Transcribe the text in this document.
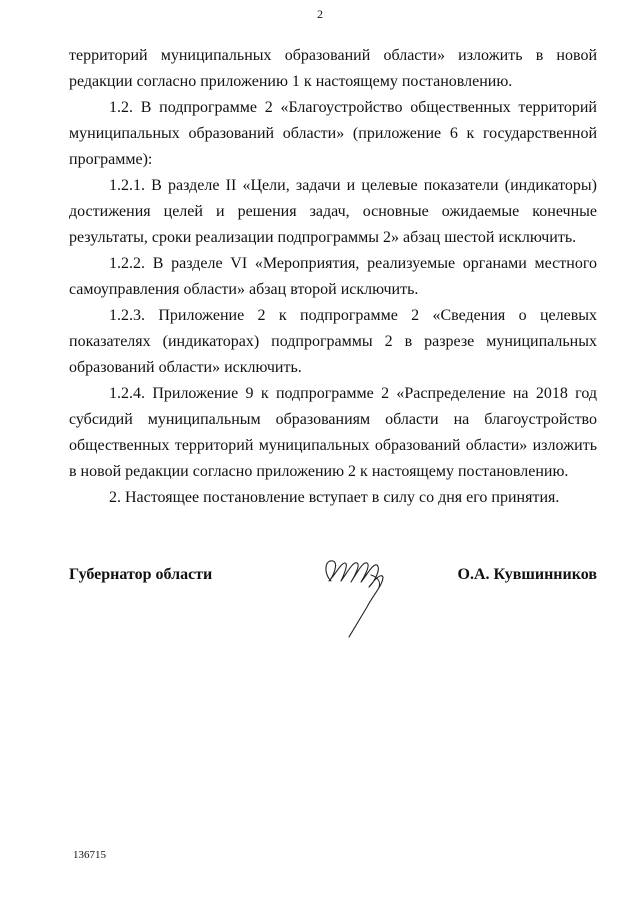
2

территорий муниципальных образований области» изложить в новой редакции согласно приложению 1 к настоящему постановлению.

1.2. В подпрограмме 2 «Благоустройство общественных территорий муниципальных образований области» (приложение 6 к государственной программе):

1.2.1. В разделе II «Цели, задачи и целевые показатели (индикаторы) достижения целей и решения задач, основные ожидаемые конечные результаты, сроки реализации подпрограммы 2» абзац шестой исключить.

1.2.2. В разделе VI «Мероприятия, реализуемые органами местного самоуправления области» абзац второй исключить.

1.2.3. Приложение 2 к подпрограмме 2 «Сведения о целевых показателях (индикаторах) подпрограммы 2 в разрезе муниципальных образований области» исключить.

1.2.4. Приложение 9 к подпрограмме 2 «Распределение на 2018 год субсидий муниципальным образованиям области на благоустройство общественных территорий муниципальных образований области» изложить в новой редакции согласно приложению 2 к настоящему постановлению.

2. Настоящее постановление вступает в силу со дня его принятия.

Губернатор области	О.А. Кувшинников
136715
